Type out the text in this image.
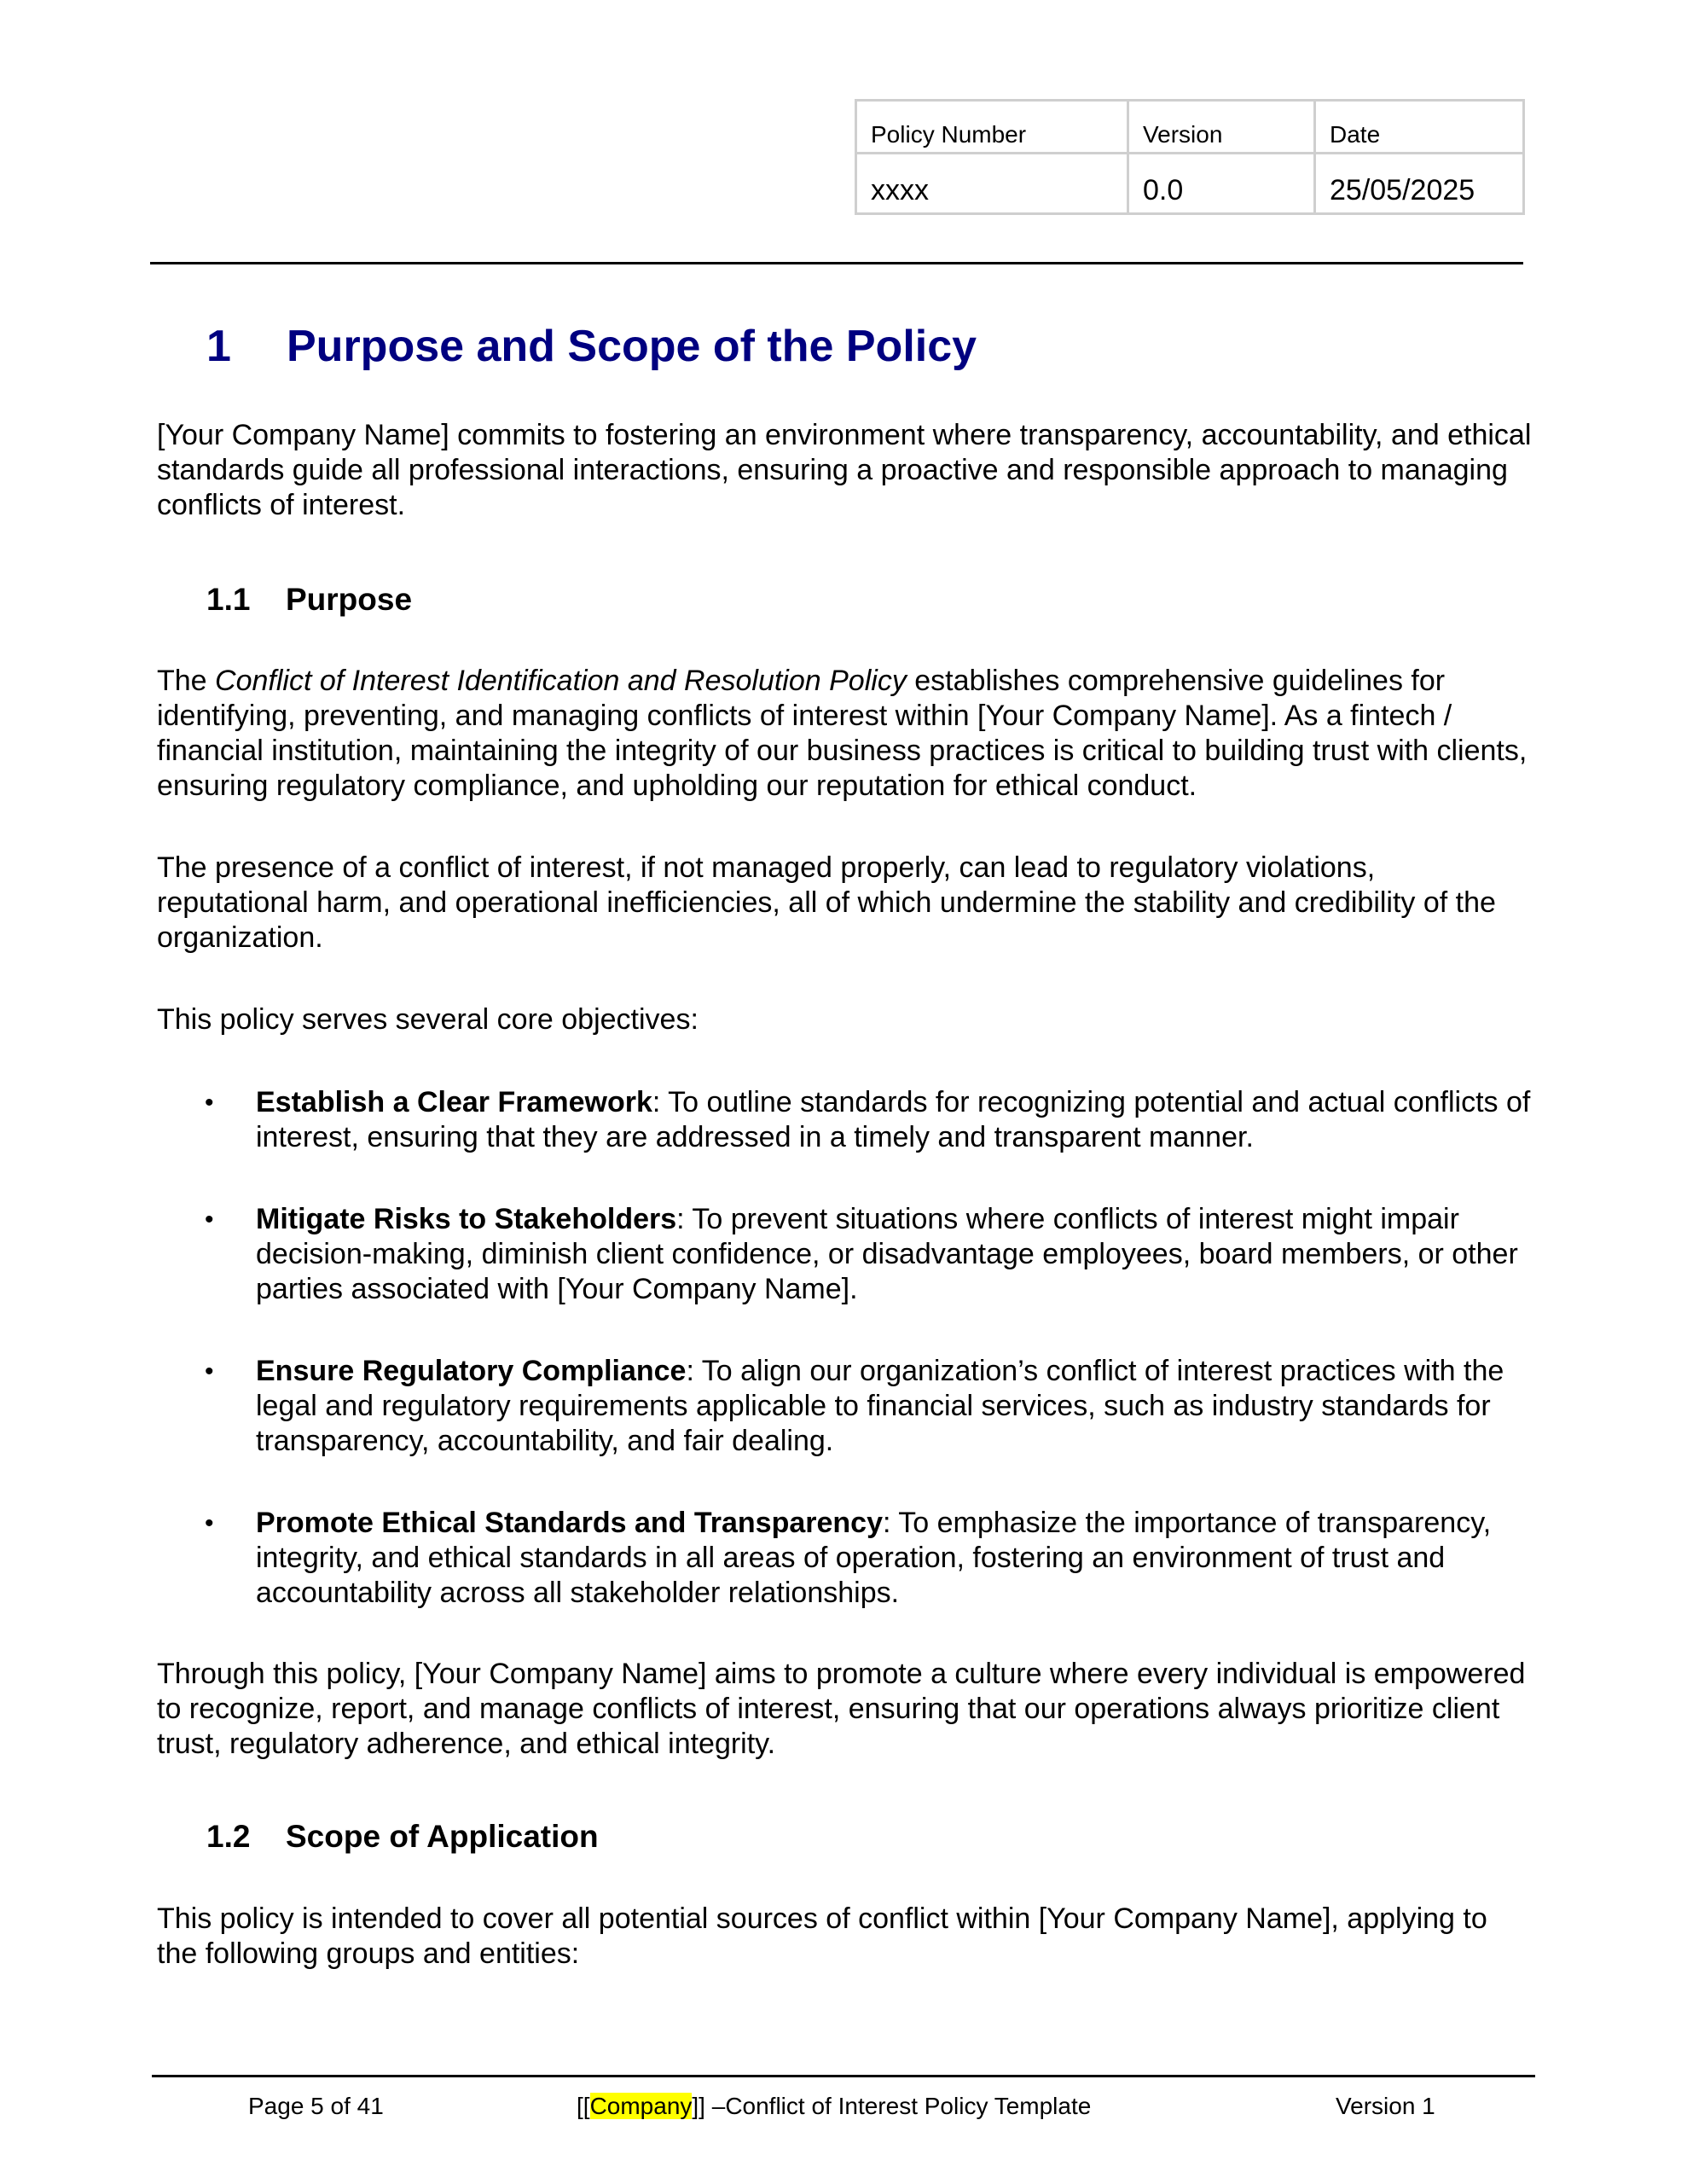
Policy Number	Version	Date
xxxx	0.0	25/05/2025
1 Purpose and Scope of the Policy

[Your Company Name] commits to fostering an environment where transparency, accountability, and ethical standards guide all professional interactions, ensuring a proactive and responsible approach to managing conflicts of interest.

1.1 Purpose

The Conflict of Interest Identification and Resolution Policy establishes comprehensive guidelines for identifying, preventing, and managing conflicts of interest within [Your Company Name]. As a fintech / financial institution, maintaining the integrity of our business practices is critical to building trust with clients, ensuring regulatory compliance, and upholding our reputation for ethical conduct.

The presence of a conflict of interest, if not managed properly, can lead to regulatory violations, reputational harm, and operational inefficiencies, all of which undermine the stability and credibility of the organization.

This policy serves several core objectives:

• Establish a Clear Framework: To outline standards for recognizing potential and actual conflicts of interest, ensuring that they are addressed in a timely and transparent manner.
• Mitigate Risks to Stakeholders: To prevent situations where conflicts of interest might impair decision-making, diminish client confidence, or disadvantage employees, board members, or other parties associated with [Your Company Name].
• Ensure Regulatory Compliance: To align our organization’s conflict of interest practices with the legal and regulatory requirements applicable to financial services, such as industry standards for transparency, accountability, and fair dealing.
• Promote Ethical Standards and Transparency: To emphasize the importance of transparency, integrity, and ethical standards in all areas of operation, fostering an environment of trust and accountability across all stakeholder relationships.

Through this policy, [Your Company Name] aims to promote a culture where every individual is empowered to recognize, report, and manage conflicts of interest, ensuring that our operations always prioritize client trust, regulatory adherence, and ethical integrity.

1.2 Scope of Application

This policy is intended to cover all potential sources of conflict within [Your Company Name], applying to the following groups and entities:

Page 5 of 41	[[Company]] –Conflict of Interest Policy Template	Version 1
